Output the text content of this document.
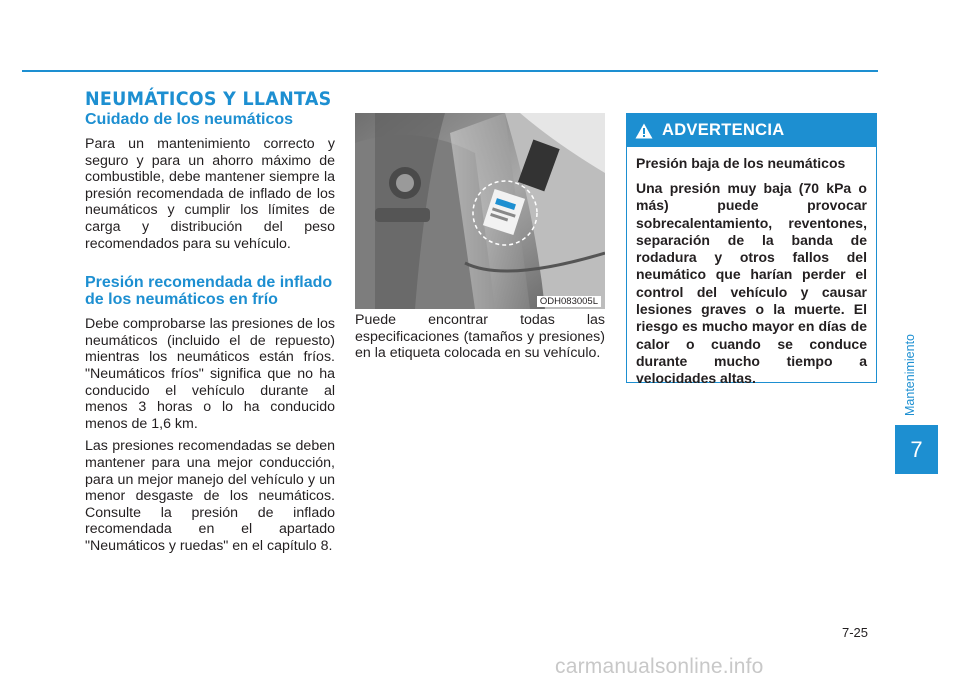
NEUMÁTICOS Y LLANTAS
Cuidado de los neumáticos

Para un mantenimiento correcto y seguro y para un ahorro máximo de combustible, debe mantener siempre la presión recomendada de inflado de los neumáticos y cumplir los límites de carga y distribución del peso recomendados para su vehículo.

Presión recomendada de inflado de los neumáticos en frío

Debe comprobarse las presiones de los neumáticos (incluido el de repuesto) mientras los neumáticos están fríos. "Neumáticos fríos" significa que no ha conducido el vehículo durante al menos 3 horas o lo ha conducido menos de 1,6 km.

Las presiones recomendadas se deben mantener para una mejor conducción, para un mejor manejo del vehículo y un menor desgaste de los neumáticos. Consulte la presión de inflado recomendada en el apartado "Neumáticos y ruedas" en el capítulo 8.

ODH083005L

Puede encontrar todas las especificaciones (tamaños y presiones) en la etiqueta colocada en su vehículo.

ADVERTENCIA
Presión baja de los neumáticos

Una presión muy baja (70 kPa o más) puede provocar sobrecalentamiento, reventones, separación de la banda de rodadura y otros fallos del neumático que harían perder el control del vehículo y causar lesiones graves o la muerte. El riesgo es mucho mayor en días de calor o cuando se conduce durante mucho tiempo a velocidades altas.	Mantenimiento
7
7-25
carmanualsonline.info
